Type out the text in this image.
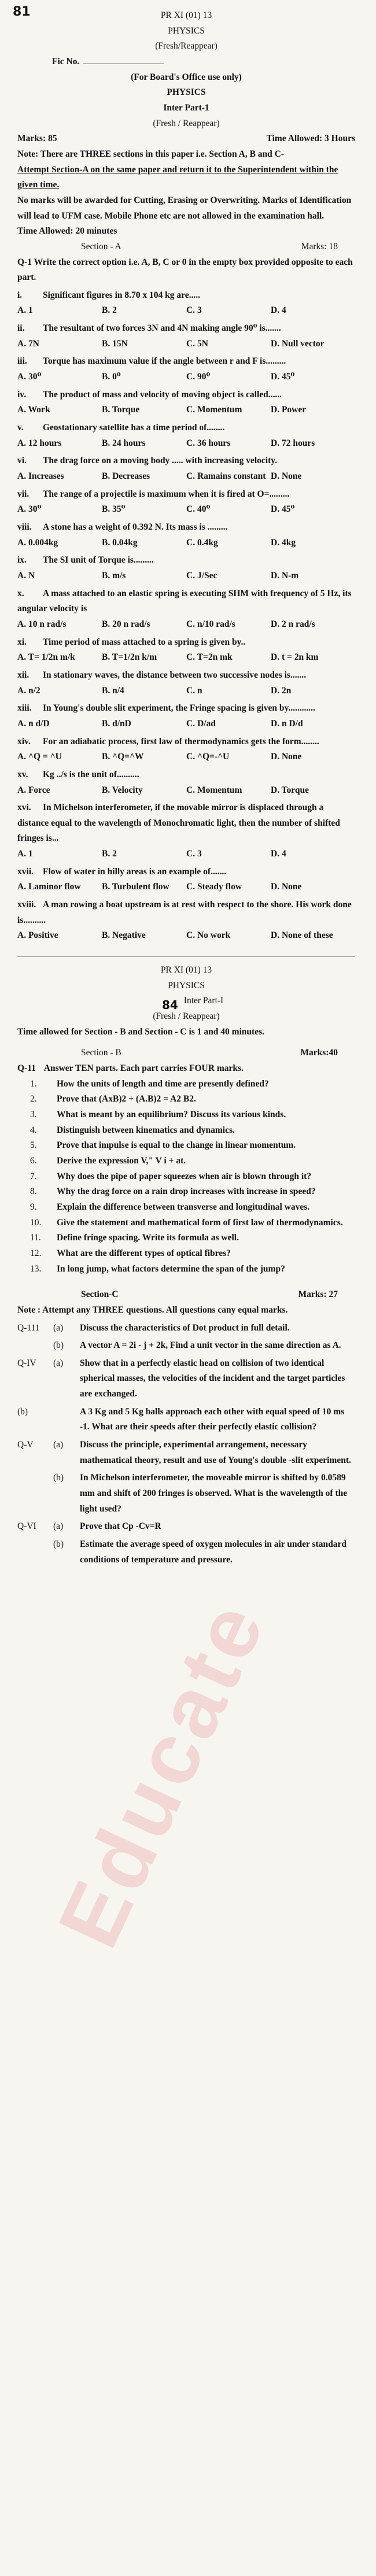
Educate
81	PR XI (01) 13
PHYSICS
(Fresh/Reappear)
Fic No.
(For Board's Office use only)
PHYSICS
Inter Part-1
(Fresh / Reappear)
Marks: 85	Time Allowed: 3 Hours
Note: There are THREE sections in this paper i.e. Section A, B and C-
Attempt Section-A on the same paper and return it to the Superintendent within the given time.
No marks will be awarded for Cutting, Erasing or Overwriting. Marks of Identification will lead to UFM case. Mobile Phone etc are not allowed in the examination hall.
Time Allowed: 20 minutes
Section - A	Marks: 18
Q-1 Write the correct option i.e. A, B, C or 0 in the empty box provided opposite to each part.
i. Significant figures in 8.70 x 104 kg are.....
A. 1	B. 2	C. 3	D. 4
ii. The resultant of two forces 3N and 4N making angle 90⁰ is.......
A. 7N	B. 15N	C. 5N	D. Null vector
iii. Torque has maximum value if the angle between r and F is.........
A. 30⁰	B. 0⁰	C. 90⁰	D. 45⁰
iv. The product of mass and velocity of moving object is called......
A. Work	B. Torque	C. Momentum	D. Power
v. Geostationary satellite has a time period of........
A. 12 hours	B. 24 hours	C. 36 hours	D. 72 hours
vi. The drag force on a moving body ..... with increasing velocity.
A. Increases	B. Decreases	C. Ramains constant D. None
vii. The range of a projectile is maximum when it is fired at O=.........
A. 30⁰	B. 35⁰	C. 40⁰	D. 45⁰
viii. A stone has a weight of 0.392 N. Its mass is .........
A. 0.004kg	B. 0.04kg	C. 0.4kg	D. 4kg
ix. The SI unit of Torque is.........
A. N	B. m/s	C. J/Sec	D. N-m
x. A mass attached to an elastic spring is executing SHM with frequency of 5 Hz, its angular velocity is
A. 10 n rad/s	B. 20 n rad/s	C. n/10 rad/s	D. 2 n rad/s
xi. Time period of mass attached to a spring is given by..
A. T= 1/2n m/k	B. T=1/2n k/m	C. T=2n mk	D. t = 2n km
xii. In stationary waves, the distance between two successive nodes is.......
A. n/2	B. n/4	C. n	D. 2n
xiii. In Young's double slit experiment, the Fringe spacing is given by............
A. n d/D	B. d/nD	C. D/ad	D. n D/d
xiv. For an adiabatic process, first law of thermodynamics gets the form........
A. ^Q = ^U	B. ^Q=^W	C. ^Q=-^U	D. None
xv. Kg ../s is the unit of..........
A. Force	B. Velocity	C. Momentum	D. Torque
xvi. In Michelson interferometer, if the movable mirror is displaced through a distance equal to the wavelength of Monochromatic light, then the number of shifted fringes is...
A. 1	B. 2	C. 3	D. 4
xvii. Flow of water in hilly areas is an example of.......
A. Laminor flow	B. Turbulent flow	C. Steady flow	D. None
xviii. A man rowing a boat upstream is at rest with respect to the shore. His work done is..........
A. Positive	B. Negative	C. No work	D. None of these
PR XI (01) 13
PHYSICS
84 Inter Part-I
(Fresh / Reappear)
Time allowed for Section - B and Section - C is 1 and 40 minutes.
Section - B	Marks:40
Q-11 Answer TEN parts. Each part carries FOUR marks.
1.	How the units of length and time are presently defined?
2.	Prove that (AxB)2 + (A.B)2 = A2 B2.
3.	What is meant by an equilibrium? Discuss its various kinds.
4.	Distinguish between kinematics and dynamics.
5.	Prove that impulse is equal to the change in linear momentum.
6.	Derive the expression V," V i + at.
7.	Why does the pipe of paper squeezes when air is blown through it?
8.	Why the drag force on a rain drop increases with increase in speed?
9.	Explain the difference between transverse and longitudinal waves.
10.	Give the statement and mathematical form of first law of thermodynamics.
11.	Define fringe spacing. Write its formula as well.
12.	What are the different types of optical fibres?
13.	In long jump, what factors determine the span of the jump?
Section-C	Marks: 27
Note : Attempt any THREE questions. All questions cany equal marks.
Q-111	(a)	Discuss the characteristics of Dot product in full detail.
(b)	A vector A = 2i - j + 2k, Find a unit vector in the same direction as A.
Q-IV	(a)	Show that in a perfectly elastic head on collision of two identical spherical masses, the velocities of the incident and the target particles are exchanged.
(b)	A 3 Kg and 5 Kg balls approach each other with equal speed of 10 ms -1. What are their speeds after their perfectly elastic collision?
Q-V	(a)	Discuss the principle, experimental arrangement, necessary mathematical theory, result and use of Young's double -slit experiment.
(b)	In Michelson interferometer, the moveable mirror is shifted by 0.0589 mm and shift of 200 fringes is observed. What is the wavelength of the light used?
Q-VI	(a)	Prove that Cp -Cv=R
(b)	Estimate the average speed of oxygen molecules in air under standard conditions of temperature and pressure.
